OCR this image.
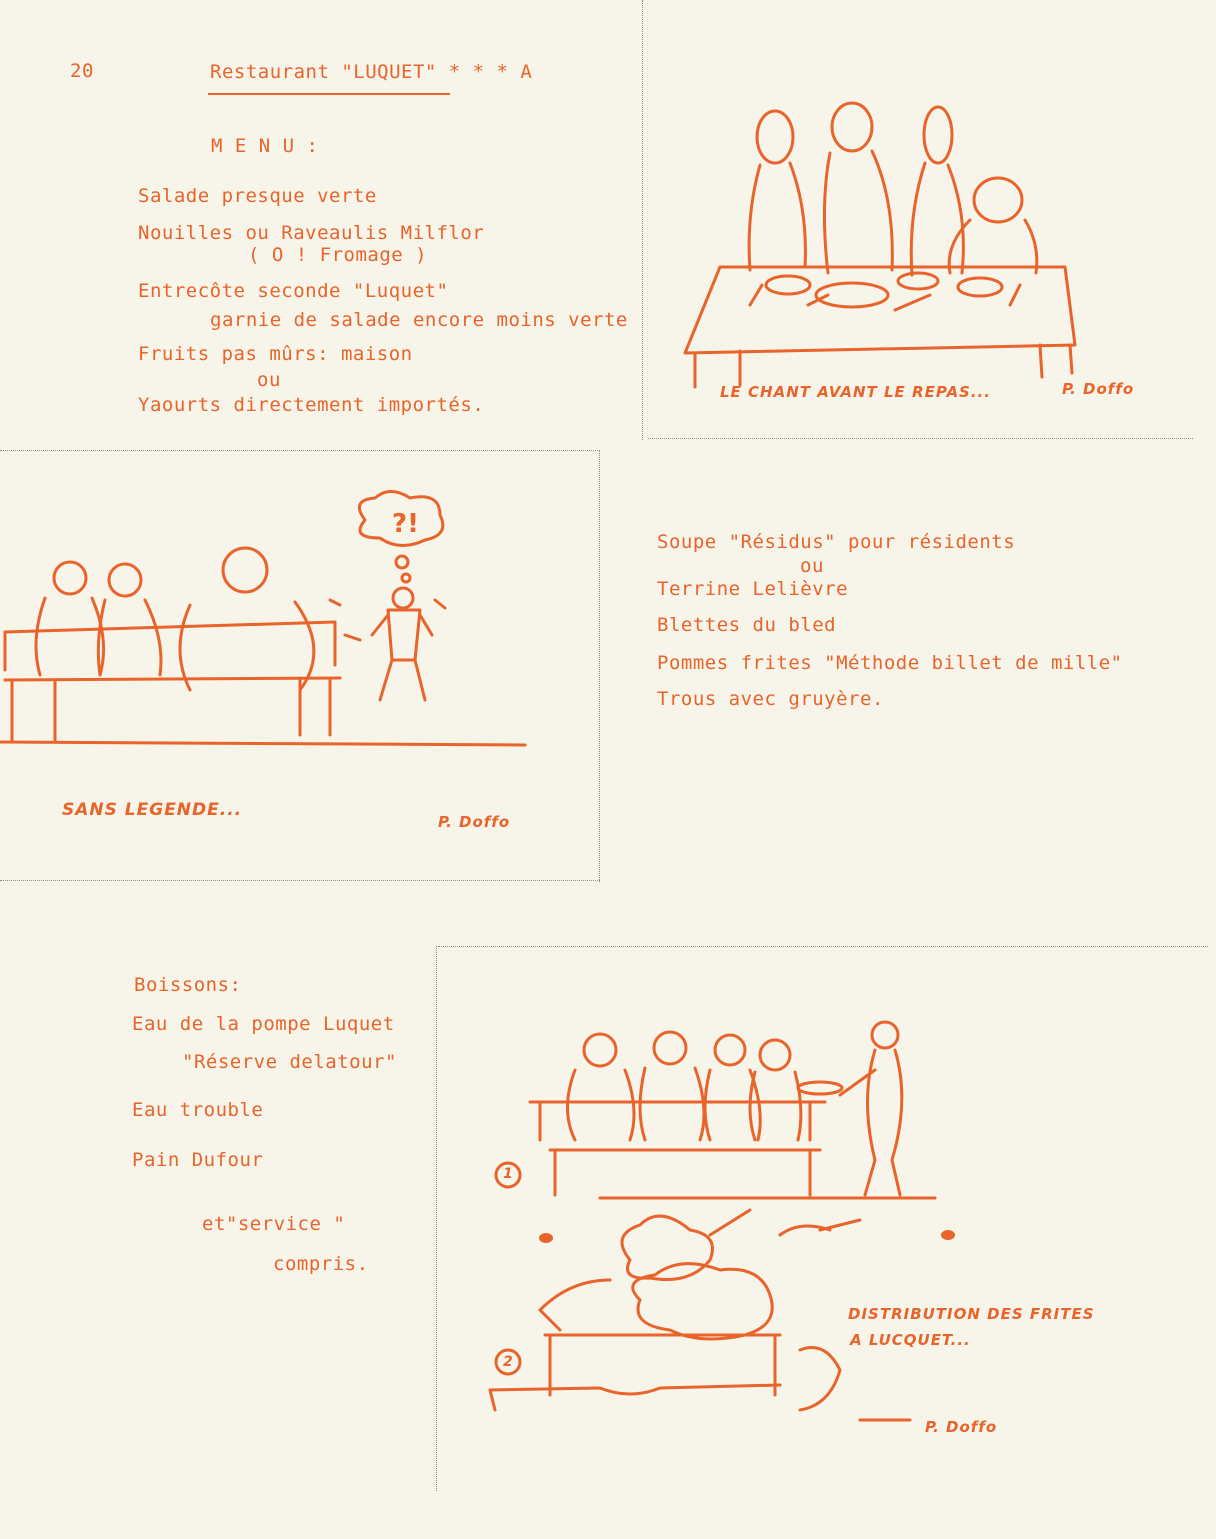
20	Restaurant "LUQUET" * * * A
M E N U :
Salade presque verte
Nouilles ou Raveaulis Milflor
( O ! Fromage )
Entrecôte seconde "Luquet"
garnie de salade encore moins verte
Fruits pas mûrs: maison
ou
Yaourts directement importés.
LE CHANT AVANT LE REPAS...	P. Doffo
?!
SANS LEGENDE...
P. Doffo
Soupe "Résidus" pour résidents
ou
Terrine Lelièvre
Blettes du bled
Pommes frites "Méthode billet de mille"
Trous avec gruyère.
Boissons:
Eau de la pompe Luquet
"Réserve delatour"
Eau trouble
Pain Dufour
et"service "
compris.
1
2
DISTRIBUTION DES FRITES
A LUCQUET...
P. Doffo
